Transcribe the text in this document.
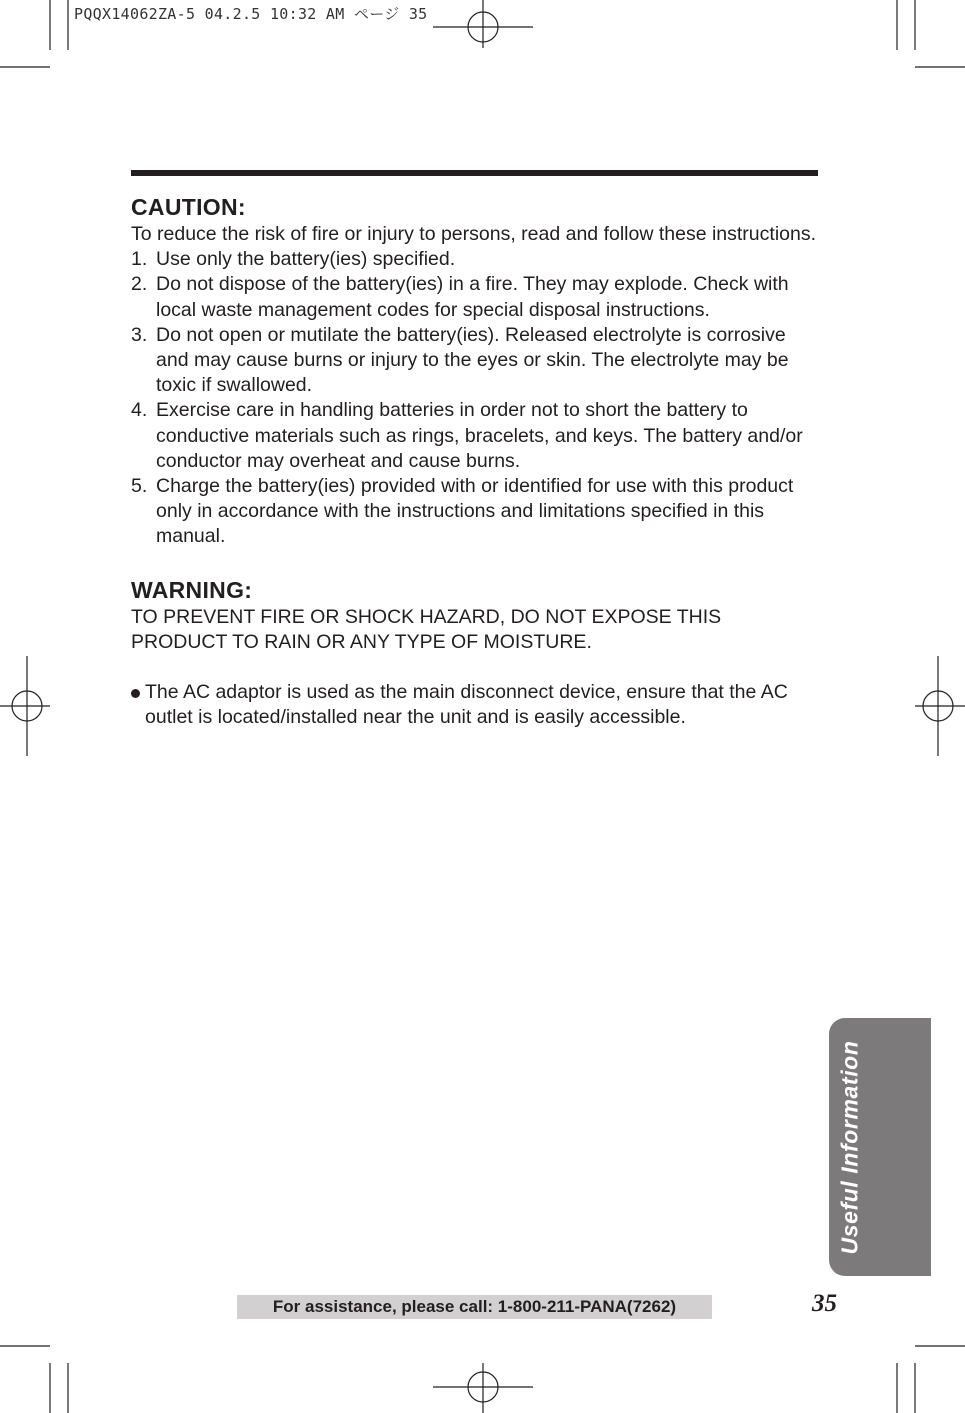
PQQX14062ZA-5 04.2.5 10:32 AM ページ 35
CAUTION:

To reduce the risk of fire or injury to persons, read and follow these instructions.

1. Use only the battery(ies) specified.
2. Do not dispose of the battery(ies) in a fire. They may explode. Check with local waste management codes for special disposal instructions.
3. Do not open or mutilate the battery(ies). Released electrolyte is corrosive and may cause burns or injury to the eyes or skin. The electrolyte may be toxic if swallowed.
4. Exercise care in handling batteries in order not to short the battery to conductive materials such as rings, bracelets, and keys. The battery and/or conductor may overheat and cause burns.
5. Charge the battery(ies) provided with or identified for use with this product only in accordance with the instructions and limitations specified in this manual.
WARNING:

TO PREVENT FIRE OR SHOCK HAZARD, DO NOT EXPOSE THIS PRODUCT TO RAIN OR ANY TYPE OF MOISTURE.

The AC adaptor is used as the main disconnect device, ensure that the AC outlet is located/installed near the unit and is easily accessible.
Useful Information
For assistance, please call: 1-800-211-PANA(7262)	35
